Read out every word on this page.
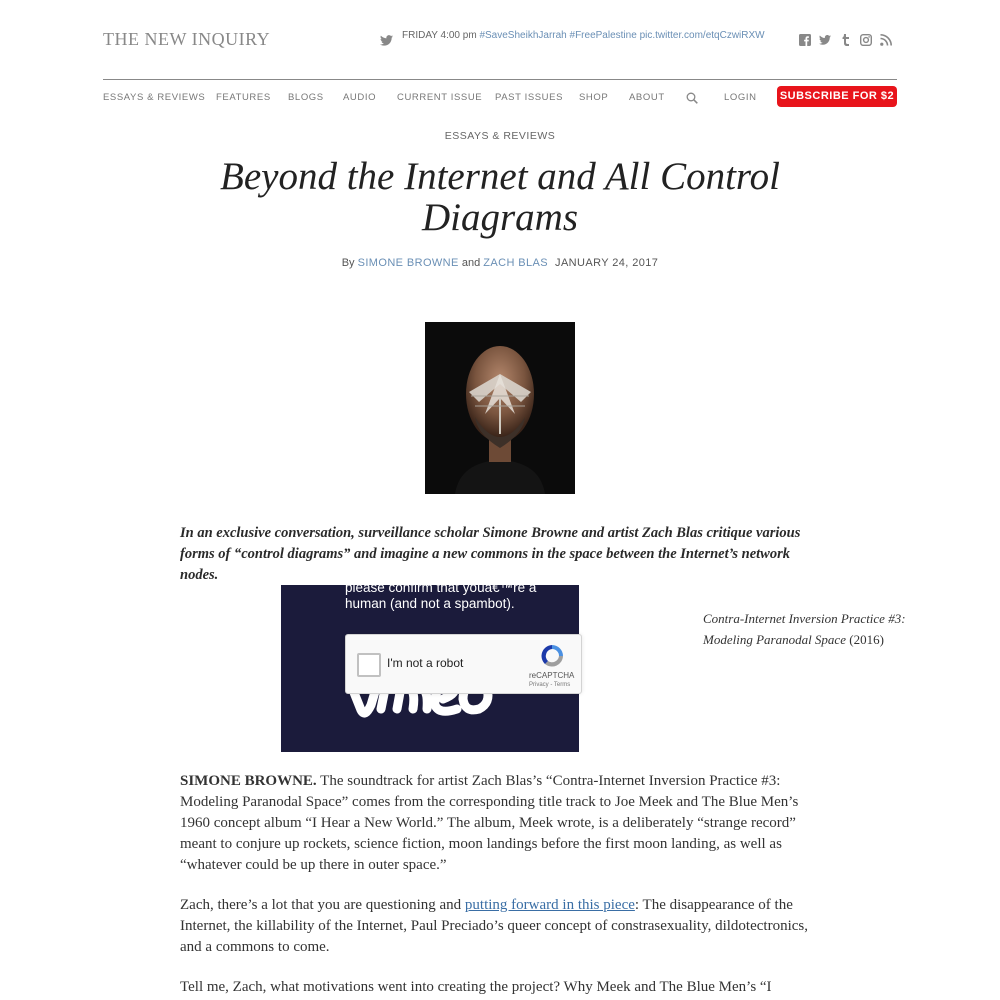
THE NEW INQUIRY	FRIDAY 4:00 pm #SaveSheikhJarrah #FreePalestine pic.twitter.com/etqCzwiRXW
ESSAYS & REVIEWS FEATURES BLOGS AUDIO CURRENT ISSUE PAST ISSUES SHOP ABOUT	LOGIN SUBSCRIBE FOR $2
ESSAYS & REVIEWS
Beyond the Internet and All Control Diagrams
By SIMONE BROWNE and ZACH BLAS JANUARY 24, 2017
In an exclusive conversation, surveillance scholar Simone Browne and artist Zach Blas critique various forms of “control diagrams” and imagine a new commons in the space between the Internet’s network nodes.
please confirm that youâ€™re a human (and not a spambot).
I'm not a robot
reCAPTCHA
Privacy - Terms
Contra-Internet Inversion Practice #3: Modeling Paranodal Space (2016)
SIMONE BROWNE. The soundtrack for artist Zach Blas’s “Contra-Internet Inversion Practice #3: Modeling Paranodal Space” comes from the corresponding title track to Joe Meek and The Blue Men’s 1960 concept album “I Hear a New World.” The album, Meek wrote, is a deliberately “strange record” meant to conjure up rockets, science fiction, moon landings before the first moon landing, as well as “whatever could be up there in outer space.”
Zach, there’s a lot that you are questioning and putting forward in this piece: The disappearance of the Internet, the killability of the Internet, Paul Preciado’s queer concept of constrasexuality, dildotectronics, and a commons to come.
Tell me, Zach, what motivations went into creating the project? Why Meek and The Blue Men’s “I
